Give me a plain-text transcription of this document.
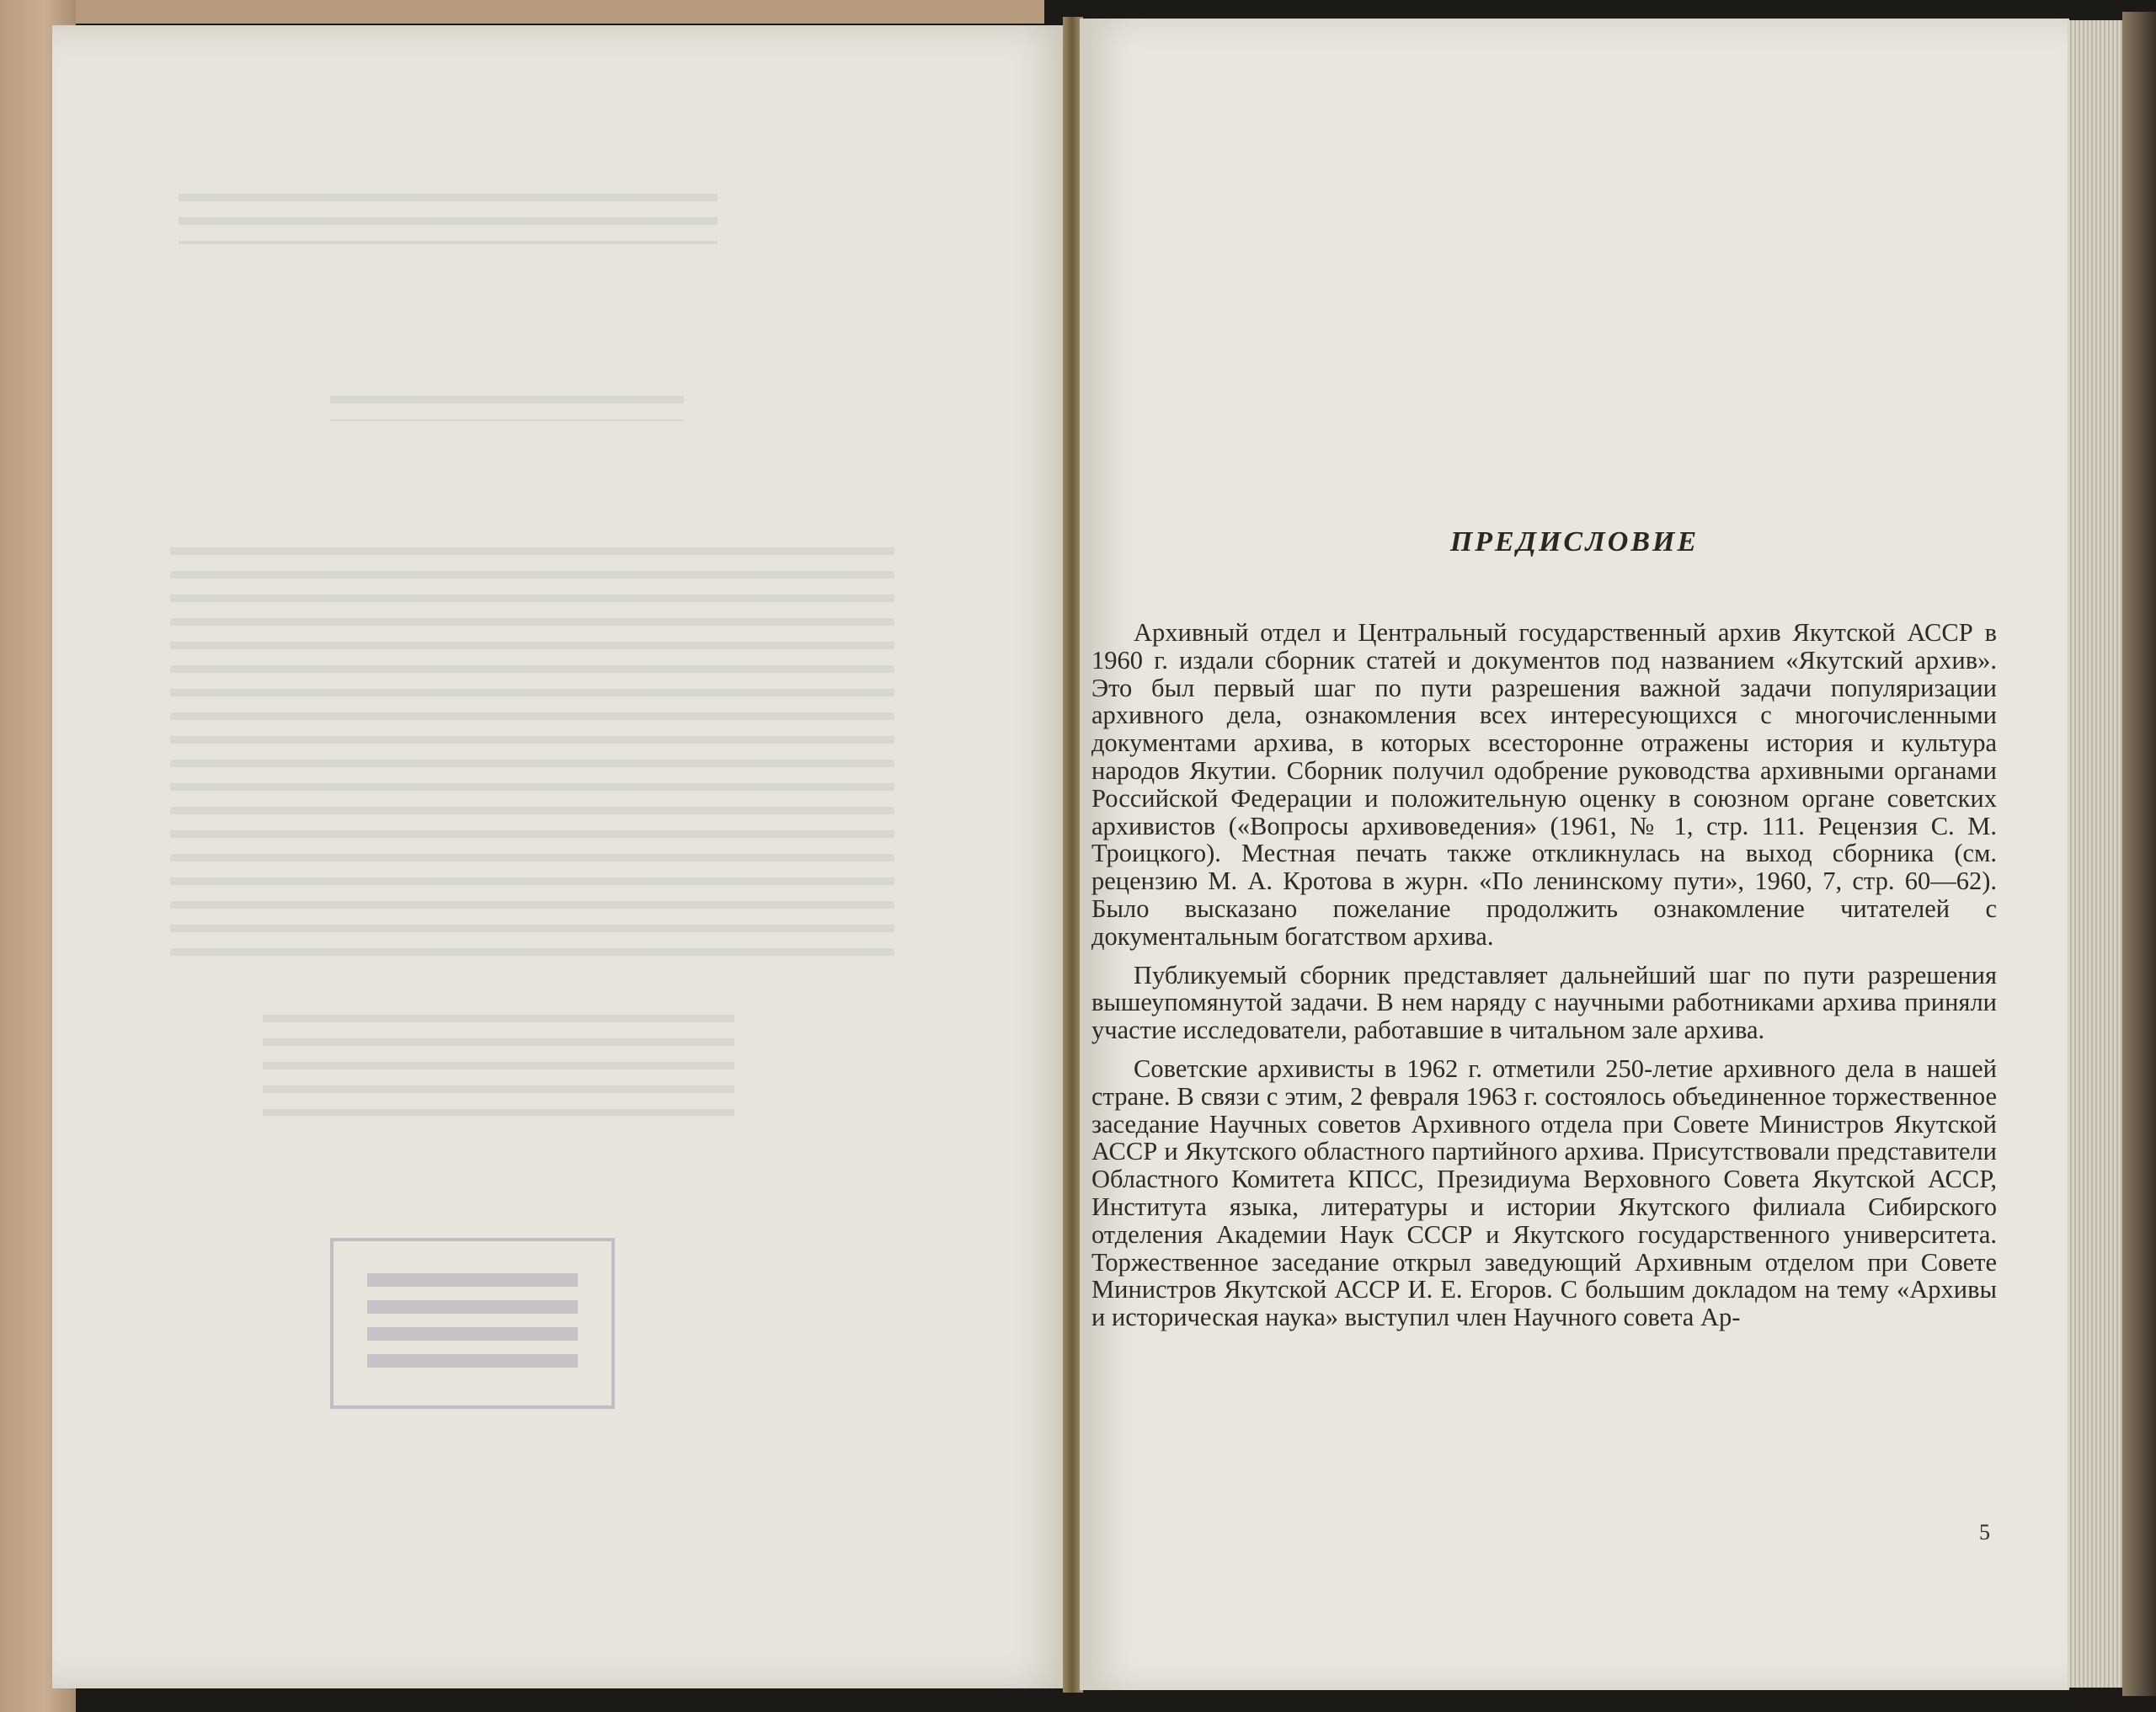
ПРЕДИСЛОВИЕ

Архивный отдел и Центральный государственный архив Якутской АССР в 1960 г. издали сборник статей и документов под названием «Якутский архив». Это был первый шаг по пути разрешения важной задачи популяризации архивного дела, ознакомления всех интересующихся с многочисленными документами архива, в которых всесторонне отражены история и культура народов Якутии. Сборник получил одобрение руководства архивными органами Российской Федерации и положительную оценку в союзном органе советских архивистов («Вопросы архивоведения» (1961, № 1, стр. 111. Рецензия С. М. Троицкого). Местная печать также откликнулась на выход сборника (см. рецензию М. А. Кротова в журн. «По ленинскому пути», 1960, 7, стр. 60—62). Было высказано пожелание продолжить ознакомление читателей с документальным богатством архива.

Публикуемый сборник представляет дальнейший шаг по пути разрешения вышеупомянутой задачи. В нем наряду с научными работниками архива приняли участие исследователи, работавшие в читальном зале архива.

Советские архивисты в 1962 г. отметили 250-летие архивного дела в нашей стране. В связи с этим, 2 февраля 1963 г. состоялось объединенное торжественное заседание Научных советов Архивного отдела при Совете Министров Якутской АССР и Якутского областного партийного архива. Присутствовали представители Областного Комитета КПСС, Президиума Верховного Совета Якутской АССР, Института языка, литературы и истории Якутского филиала Сибирского отделения Академии Наук СССР и Якутского государственного университета. Торжественное заседание открыл заведующий Архивным отделом при Совете Министров Якутской АССР И. Е. Егоров. С большим докладом на тему «Архивы и историческая наука» выступил член Научного совета Ар-

5
